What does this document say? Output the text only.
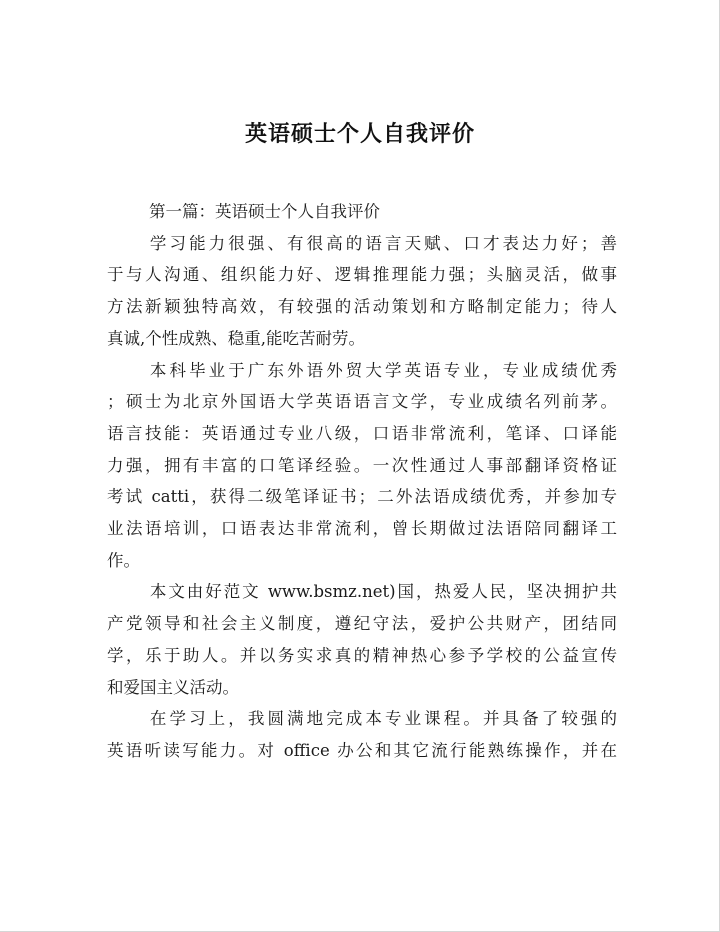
英语硕士个人自我评价

第一篇：英语硕士个人自我评价

学习能力很强、有很高的语言天赋、口才表达力好；善
于与人沟通、组织能力好、逻辑推理能力强；头脑灵活，做事
方法新颖独特高效，有较强的活动策划和方略制定能力；待人
真诚,个性成熟、稳重,能吃苦耐劳。

本科毕业于广东外语外贸大学英语专业，专业成绩优秀
；硕士为北京外国语大学英语语言文学，专业成绩名列前茅。
语言技能：英语通过专业八级，口语非常流利，笔译、口译能
力强，拥有丰富的口笔译经验。一次性通过人事部翻译资格证
考试 catti，获得二级笔译证书；二外法语成绩优秀，并参加专
业法语培训，口语表达非常流利，曾长期做过法语陪同翻译工
作。

本文由好范文 www.bsmz.net)国，热爱人民，坚决拥护共
产党领导和社会主义制度，遵纪守法，爱护公共财产，团结同
学，乐于助人。并以务实求真的精神热心参予学校的公益宣传
和爱国主义活动。

在学习上，我圆满地完成本专业课程。并具备了较强的
英语听读写能力。对 office 办公和其它流行能熟练操作，并在
